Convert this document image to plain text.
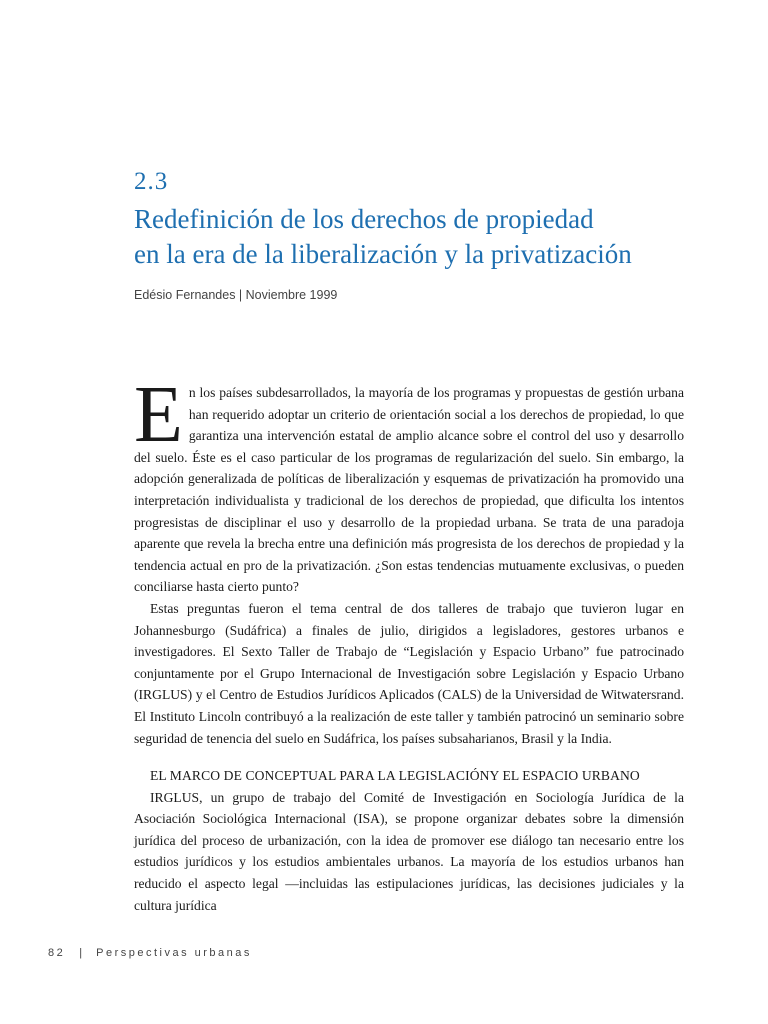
2.3
Redefinición de los derechos de propiedad
en la era de la liberalización y la privatización
Edésio Fernandes | Noviembre 1999

En los países subdesarrollados, la mayoría de los programas y propuestas de gestión urbana han requerido adoptar un criterio de orientación social a los derechos de propiedad, lo que garantiza una intervención estatal de amplio alcance sobre el control del uso y desarrollo del suelo. Éste es el caso particular de los programas de regularización del suelo. Sin embargo, la adopción generalizada de políticas de liberalización y esquemas de privatización ha promovido una interpretación individualista y tradicional de los derechos de propiedad, que dificulta los intentos progresistas de disciplinar el uso y desarrollo de la propiedad urbana. Se trata de una paradoja aparente que revela la brecha entre una definición más progresista de los derechos de propiedad y la tendencia actual en pro de la privatización. ¿Son estas tendencias mutuamente exclusivas, o pueden conciliarse hasta cierto punto?

Estas preguntas fueron el tema central de dos talleres de trabajo que tuvieron lugar en Johannesburgo (Sudáfrica) a finales de julio, dirigidos a legisladores, gestores urbanos e investigadores. El Sexto Taller de Trabajo de “Legislación y Espacio Urbano” fue patrocinado conjuntamente por el Grupo Internacional de Investigación sobre Legislación y Espacio Urbano (IRGLUS) y el Centro de Estudios Jurídicos Aplicados (CALS) de la Universidad de Witwatersrand. El Instituto Lincoln contribuyó a la realización de este taller y también patrocinó un seminario sobre seguridad de tenencia del suelo en Sudáfrica, los países subsaharianos, Brasil y la India.

EL MARCO DE CONCEPTUAL PARA LA LEGISLACIÓNY EL ESPACIO URBANO

IRGLUS, un grupo de trabajo del Comité de Investigación en Sociología Jurídica de la Asociación Sociológica Internacional (ISA), se propone organizar debates sobre la dimensión jurídica del proceso de urbanización, con la idea de promover ese diálogo tan necesario entre los estudios jurídicos y los estudios ambientales urbanos. La mayoría de los estudios urbanos han reducido el aspecto legal —incluidas las estipulaciones jurídicas, las decisiones judiciales y la cultura jurídica

82 | Perspectivas urbanas
